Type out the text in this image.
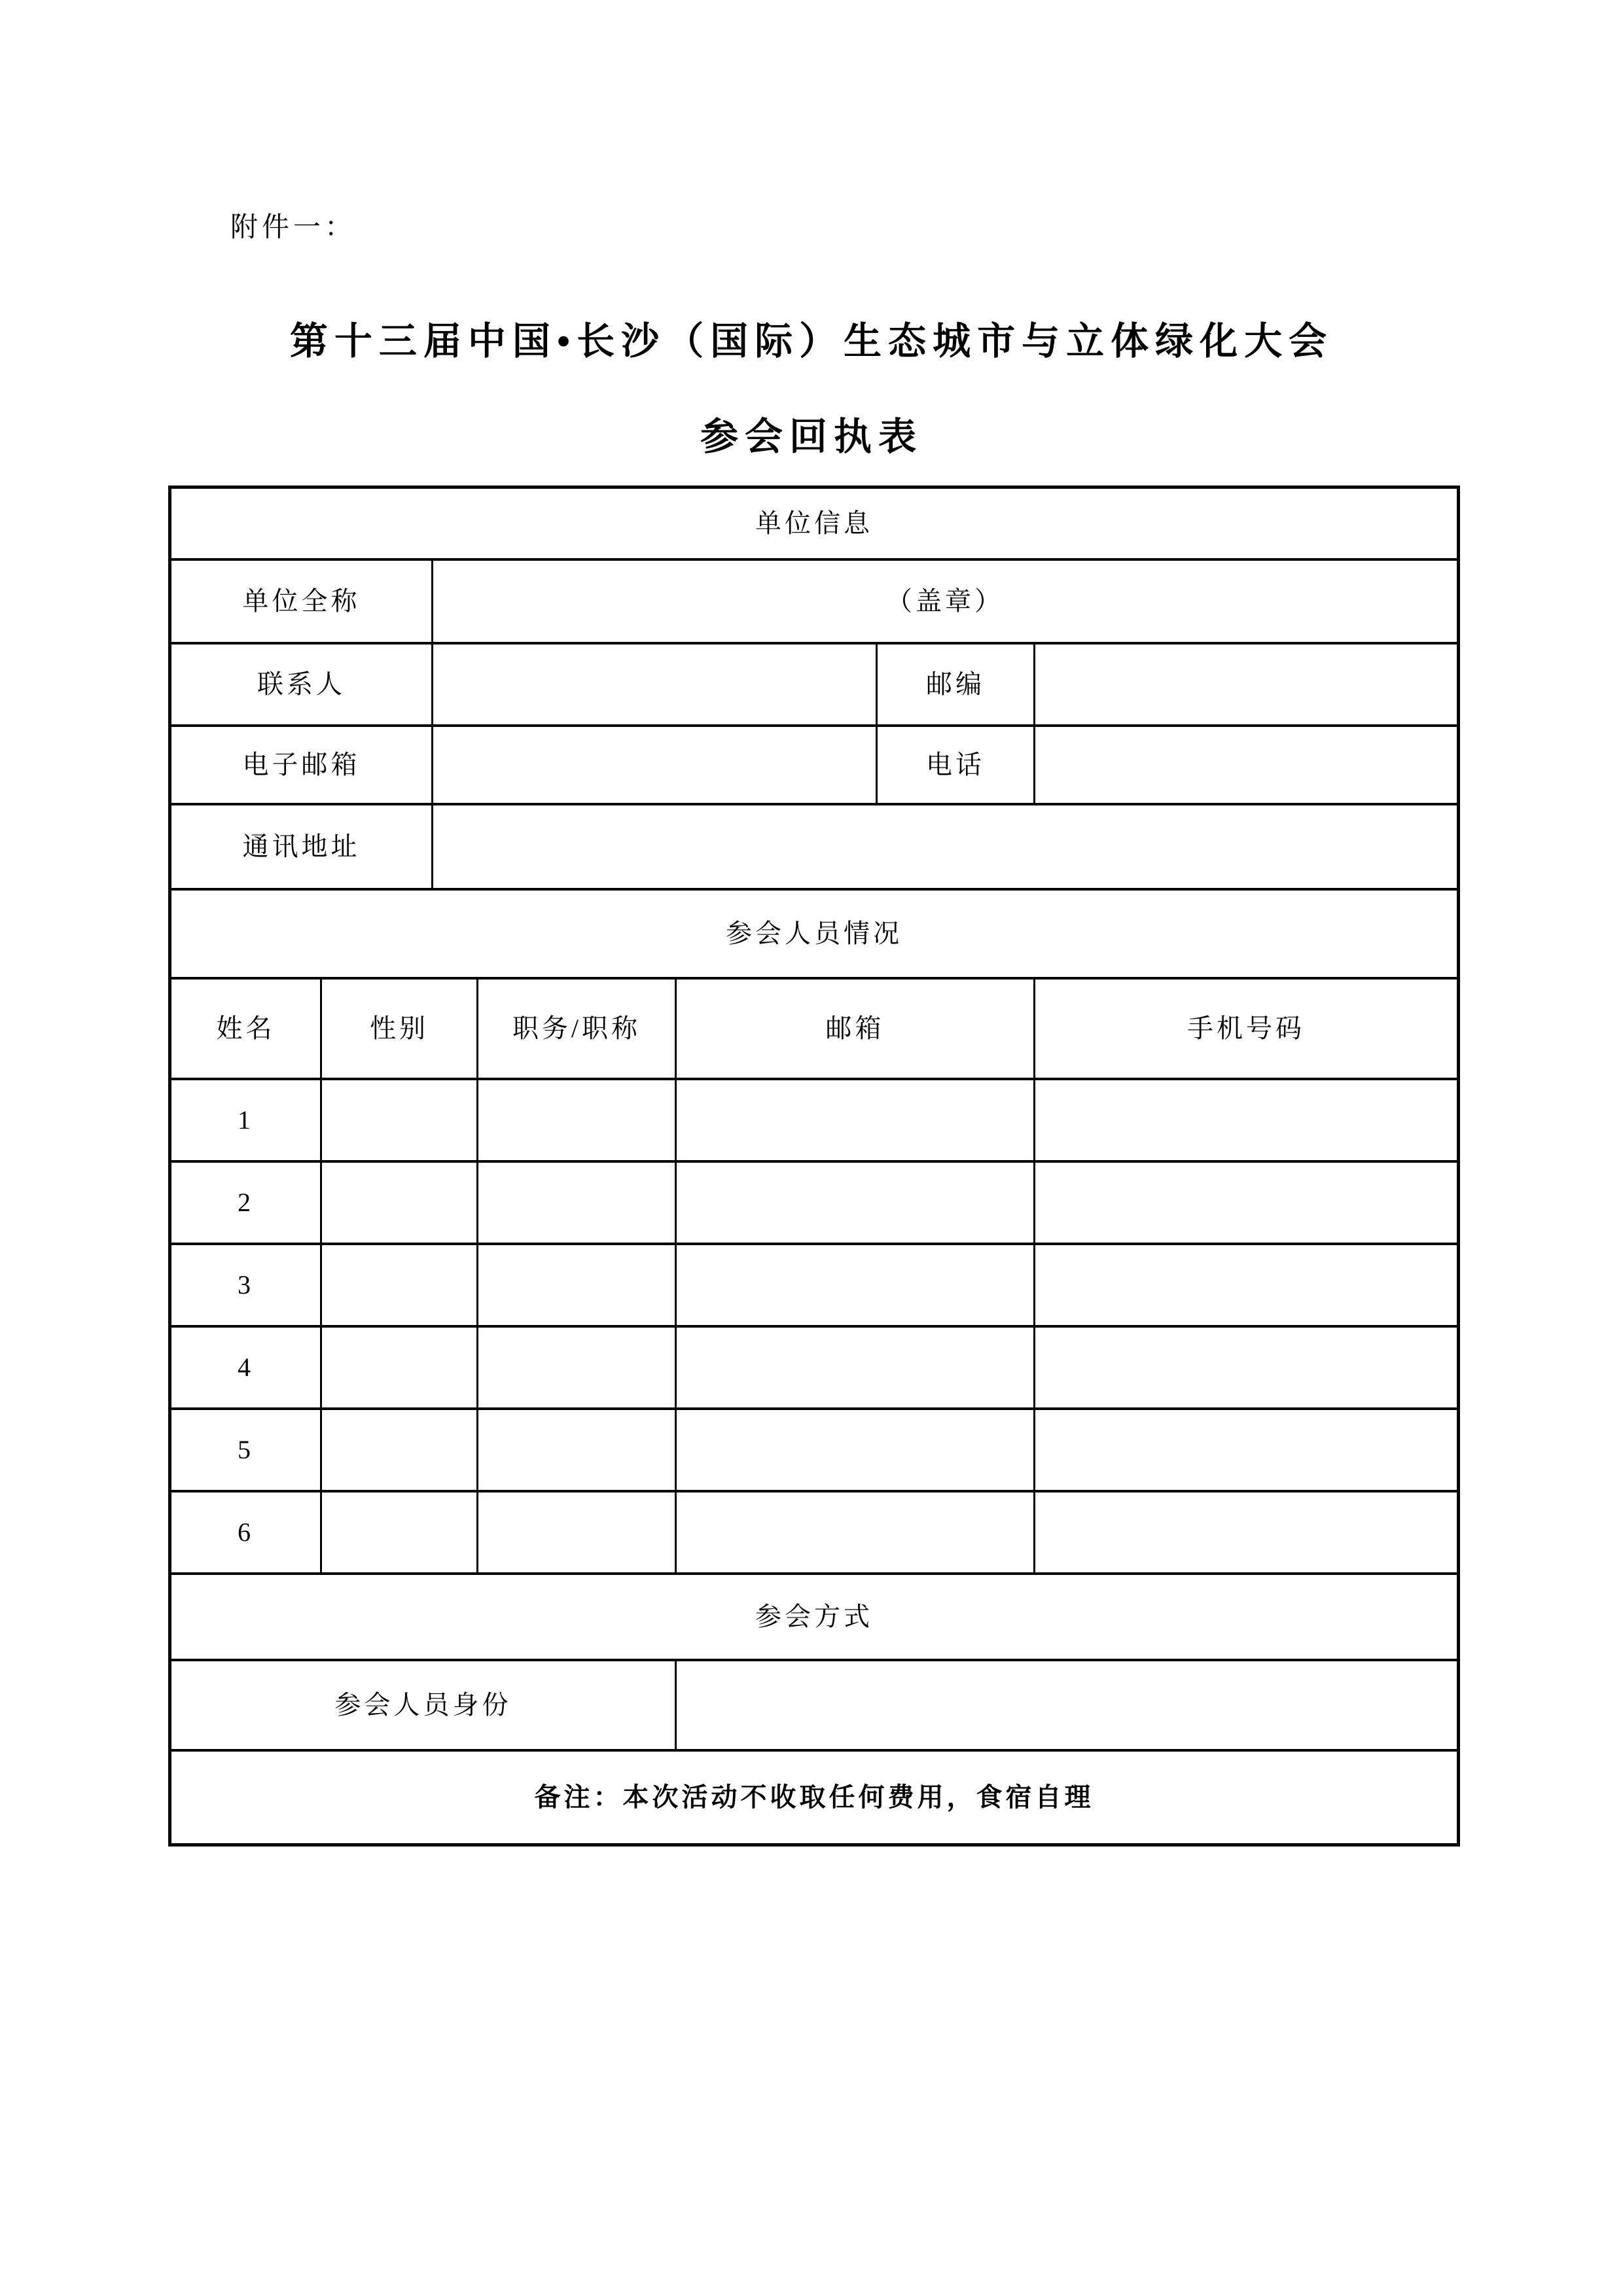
附件一：
第十三届中国•长沙（国际）生态城市与立体绿化大会
参会回执表
单位信息						
单位全称		（盖章）				
联系人					邮编	
电子邮箱					电话	
通讯地址						
参会人员情况						
姓名	性别		职务/职称	邮箱		手机号码
1						
2						
3						
4						
5						
6						
参会方式						
参会人员身份						
备注：本次活动不收取任何费用，食宿自理						
